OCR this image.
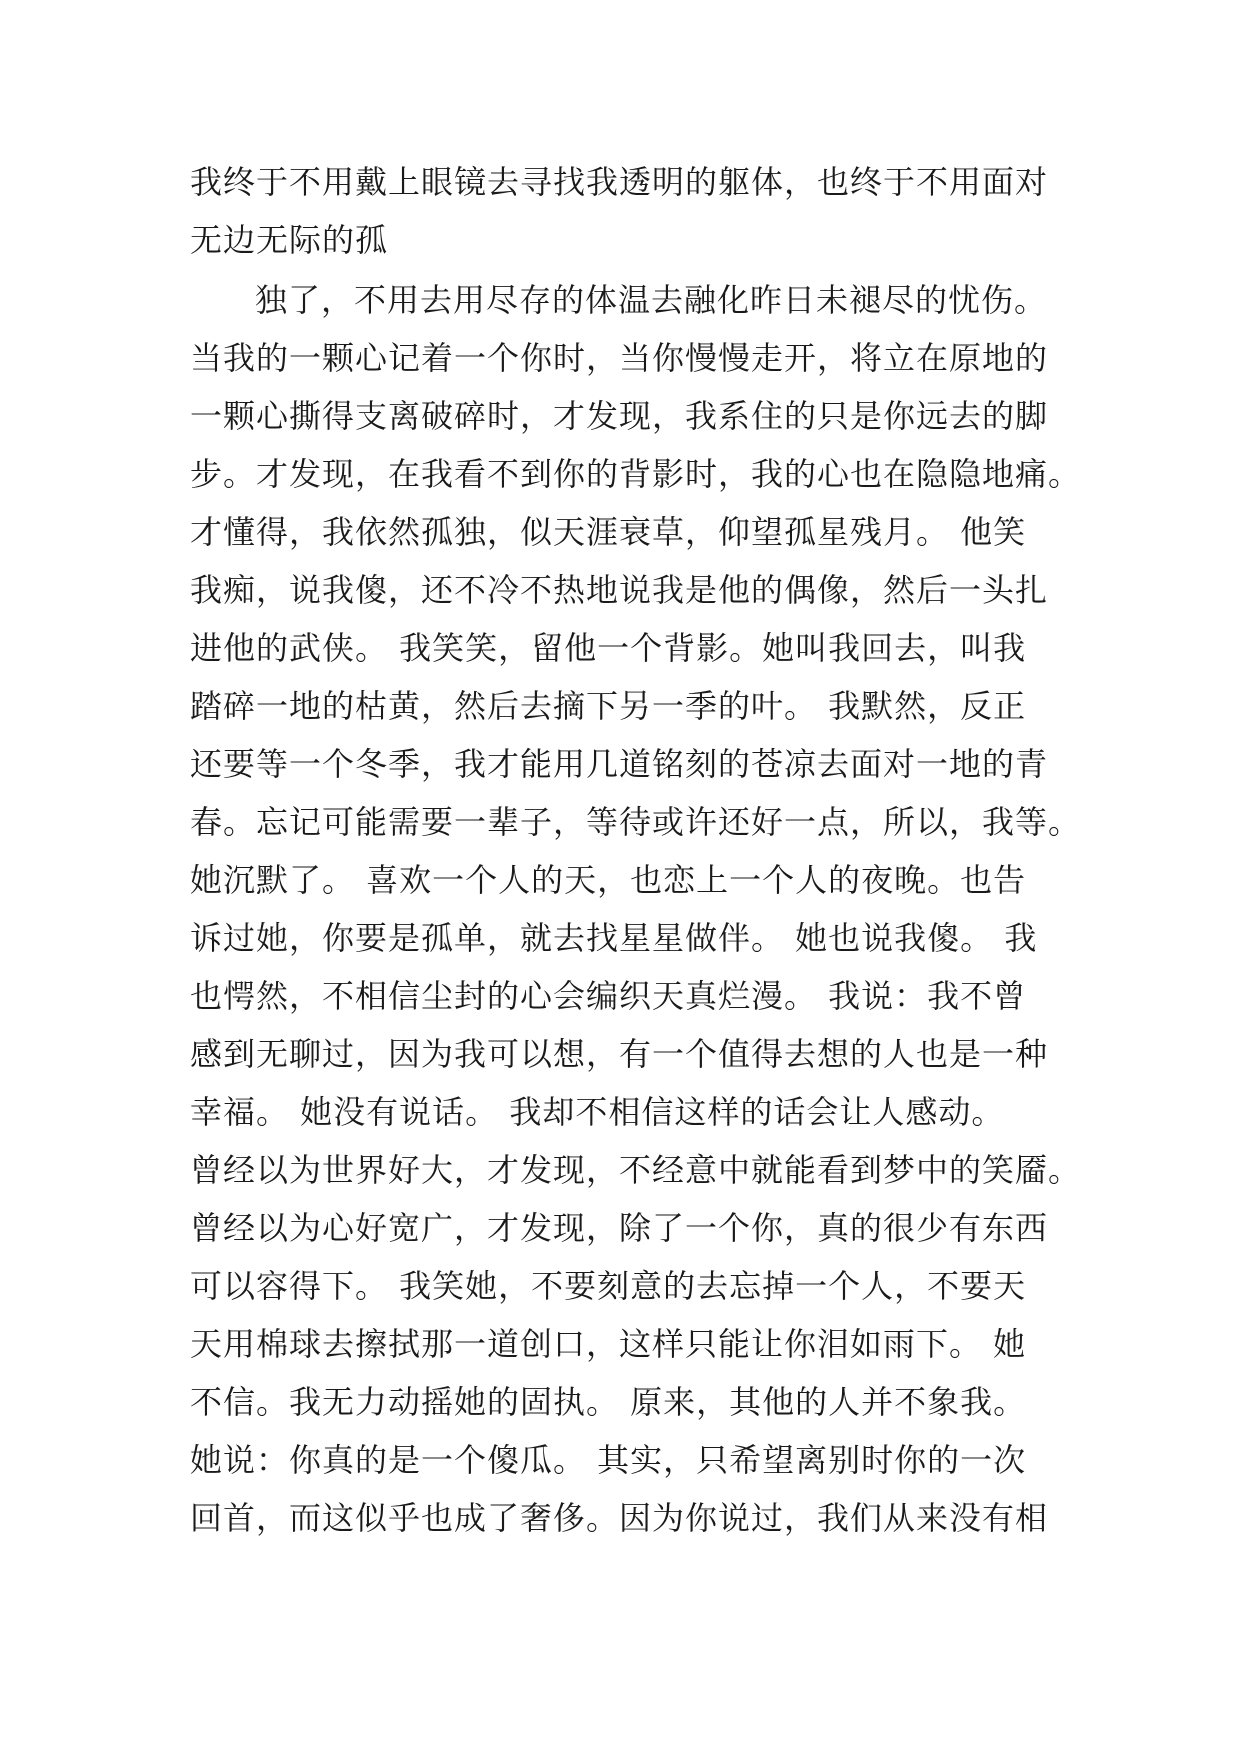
我终于不用戴上眼镜去寻找我透明的躯体，也终于不用面对
无边无际的孤
独了，不用去用尽存的体温去融化昨日未褪尽的忧伤。
当我的一颗心记着一个你时，当你慢慢走开，将立在原地的
一颗心撕得支离破碎时，才发现，我系住的只是你远去的脚
步。才发现，在我看不到你的背影时，我的心也在隐隐地痛。
才懂得，我依然孤独，似天涯衰草，仰望孤星残月。 他笑
我痴，说我傻，还不冷不热地说我是他的偶像，然后一头扎
进他的武侠。 我笑笑，留他一个背影。她叫我回去，叫我
踏碎一地的枯黄，然后去摘下另一季的叶。 我默然，反正
还要等一个冬季，我才能用几道铭刻的苍凉去面对一地的青
春。忘记可能需要一辈子，等待或许还好一点，所以，我等。
她沉默了。 喜欢一个人的天，也恋上一个人的夜晚。也告
诉过她，你要是孤单，就去找星星做伴。 她也说我傻。 我
也愕然，不相信尘封的心会编织天真烂漫。 我说：我不曾
感到无聊过，因为我可以想，有一个值得去想的人也是一种
幸福。 她没有说话。 我却不相信这样的话会让人感动。
曾经以为世界好大，才发现，不经意中就能看到梦中的笑靥。
曾经以为心好宽广，才发现，除了一个你，真的很少有东西
可以容得下。 我笑她，不要刻意的去忘掉一个人，不要天
天用棉球去擦拭那一道创口，这样只能让你泪如雨下。 她
不信。我无力动摇她的固执。 原来，其他的人并不象我。
她说：你真的是一个傻瓜。 其实，只希望离别时你的一次
回首，而这似乎也成了奢侈。因为你说过，我们从来没有相
